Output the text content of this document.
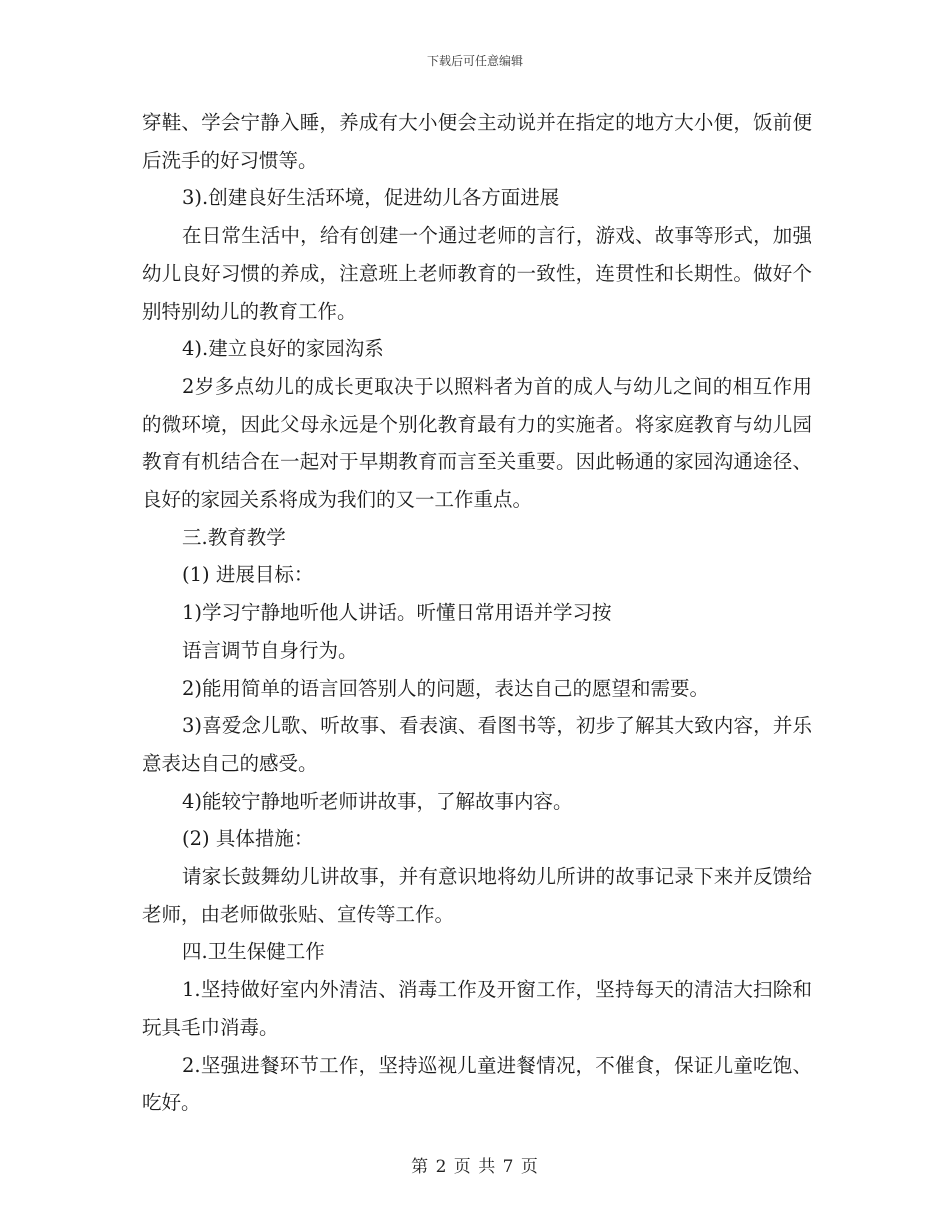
下载后可任意编辑

穿鞋、学会宁静入睡，养成有大小便会主动说并在指定的地方大小便，饭前便后洗手的好习惯等。

3).创建良好生活环境，促进幼儿各方面进展

在日常生活中，给有创建一个通过老师的言行，游戏、故事等形式，加强幼儿良好习惯的养成，注意班上老师教育的一致性，连贯性和长期性。做好个别特别幼儿的教育工作。

4).建立良好的家园沟系

2岁多点幼儿的成长更取决于以照料者为首的成人与幼儿之间的相互作用的微环境，因此父母永远是个别化教育最有力的实施者。将家庭教育与幼儿园教育有机结合在一起对于早期教育而言至关重要。因此畅通的家园沟通途径、良好的家园关系将成为我们的又一工作重点。

三.教育教学

(1) 进展目标：

1)学习宁静地听他人讲话。听懂日常用语并学习按

语言调节自身行为。

2)能用简单的语言回答别人的问题，表达自己的愿望和需要。

3)喜爱念儿歌、听故事、看表演、看图书等，初步了解其大致内容，并乐意表达自己的感受。

4)能较宁静地听老师讲故事，了解故事内容。

(2) 具体措施：

请家长鼓舞幼儿讲故事，并有意识地将幼儿所讲的故事记录下来并反馈给老师，由老师做张贴、宣传等工作。

四.卫生保健工作

1.坚持做好室内外清洁、消毒工作及开窗工作，坚持每天的清洁大扫除和玩具毛巾消毒。

2.坚强进餐环节工作，坚持巡视儿童进餐情况，不催食，保证儿童吃饱、吃好。

第 2 页 共 7 页
